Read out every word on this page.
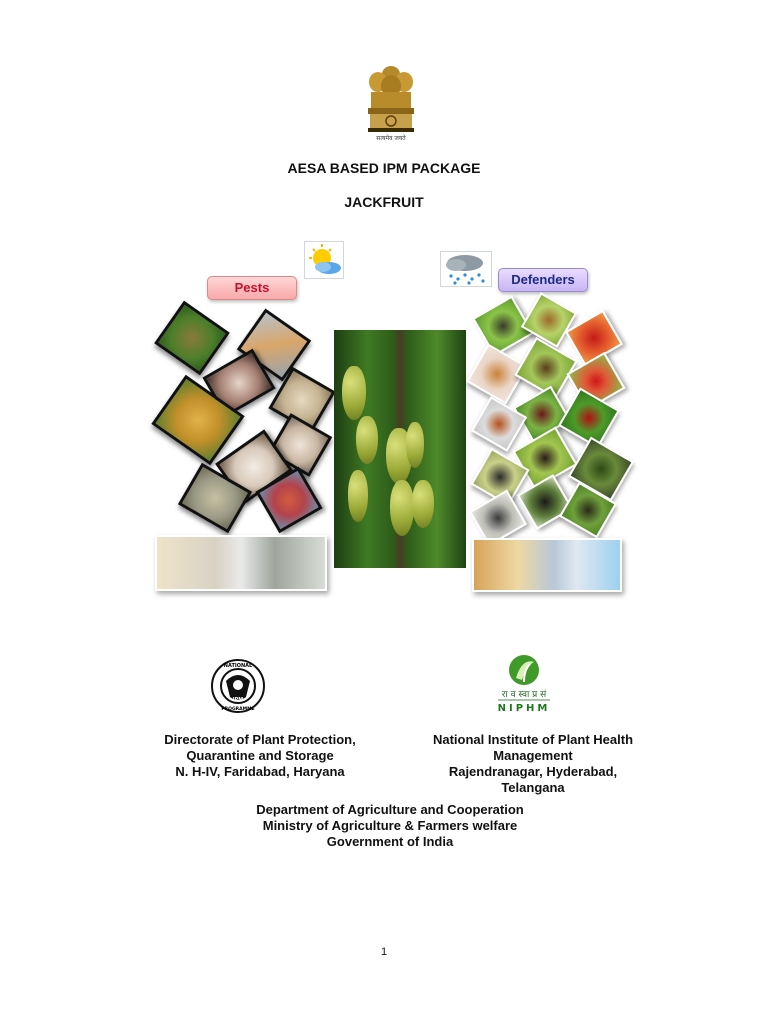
सत्यमेव जयते
AESA BASED IPM PACKAGE
JACKFRUIT
Pests
Defenders
NATIONAL
IPM
PROGRAMME
रा व स्वा प्र सं
NIPHM
Directorate of Plant Protection,
Quarantine and Storage
N. H-IV, Faridabad, Haryana
National Institute of Plant Health
Management
Rajendranagar, Hyderabad,
Telangana
Department of Agriculture and Cooperation
Ministry of Agriculture & Farmers welfare
Government of India
1
